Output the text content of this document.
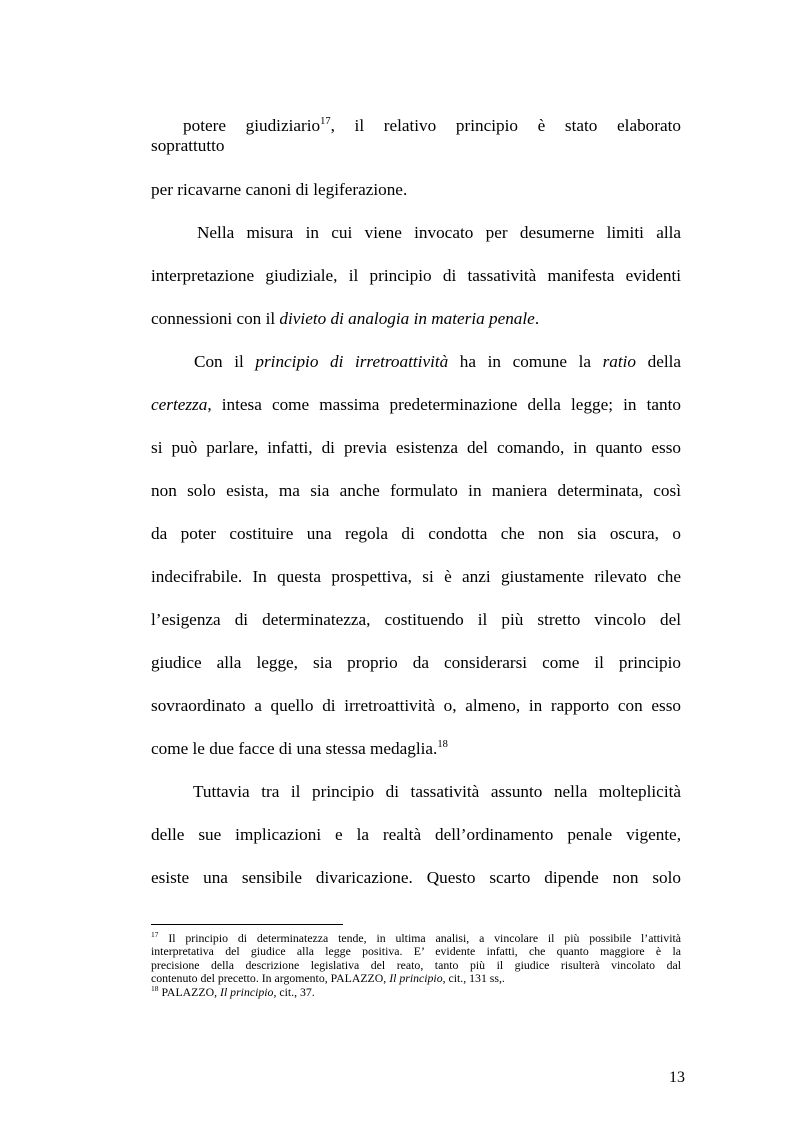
potere giudiziario$^{17}$, il relativo principio è stato elaborato
soprattutto
per ricavarne canoni di legiferazione.
Nella misura in cui viene invocato per desumerne limiti alla
interpretazione giudiziale, il principio di tassatività manifesta evidenti
connessioni con il divieto di analogia in materia penale.
Con il principio di irretroattività ha in comune la ratio della
certezza, intesa come massima predeterminazione della legge; in tanto
si può parlare, infatti, di previa esistenza del comando, in quanto esso
non solo esista, ma sia anche formulato in maniera determinata, così
da poter costituire una regola di condotta che non sia oscura, o
indecifrabile. In questa prospettiva, si è anzi giustamente rilevato che
l’esigenza di determinatezza, costituendo il più stretto vincolo del
giudice alla legge, sia proprio da considerarsi come il principio
sovraordinato a quello di irretroattività o, almeno, in rapporto con esso
come le due facce di una stessa medaglia.$^{18}$
Tuttavia tra il principio di tassatività assunto nella molteplicità
delle sue implicazioni e la realtà dell’ordinamento penale vigente,
esiste una sensibile divaricazione. Questo scarto dipende non solo
$^{17}$ Il principio di determinatezza tende, in ultima analisi, a vincolare il più possibile l’attività
interpretativa del giudice alla legge positiva. E’ evidente infatti, che quanto maggiore è la
precisione della descrizione legislativa del reato, tanto più il giudice risulterà vincolato dal
contenuto del precetto. In argomento, PALAZZO, Il principio, cit., 131 ss,.
$^{18}$ PALAZZO, Il principio, cit., 37.
13
